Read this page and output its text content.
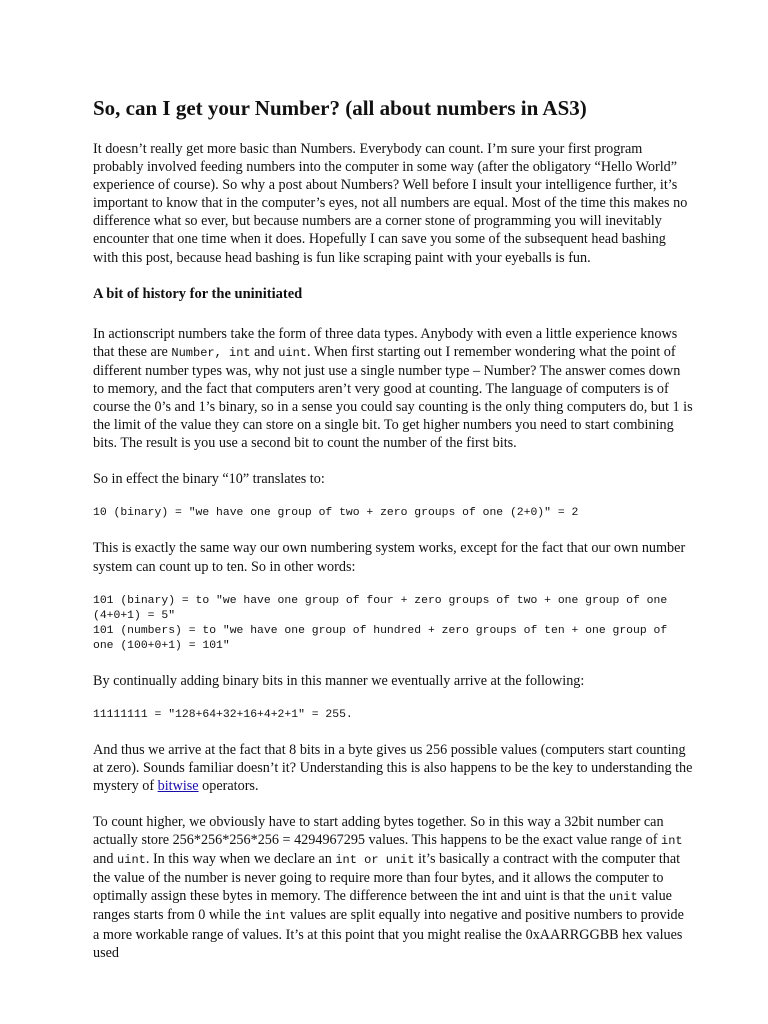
So, can I get your Number? (all about numbers in AS3)

It doesn’t really get more basic than Numbers. Everybody can count. I’m sure your first program probably involved feeding numbers into the computer in some way (after the obligatory “Hello World” experience of course). So why a post about Numbers? Well before I insult your intelligence further, it’s important to know that in the computer’s eyes, not all numbers are equal. Most of the time this makes no difference what so ever, but because numbers are a corner stone of programming you will inevitably encounter that one time when it does. Hopefully I can save you some of the subsequent head bashing with this post, because head bashing is fun like scraping paint with your eyeballs is fun.

A bit of history for the uninitiated

In actionscript numbers take the form of three data types. Anybody with even a little experience knows that these are Number, int and uint. When first starting out I remember wondering what the point of different number types was, why not just use a single number type – Number? The answer comes down to memory, and the fact that computers aren’t very good at counting. The language of computers is of course the 0’s and 1’s binary, so in a sense you could say counting is the only thing computers do, but 1 is the limit of the value they can store on a single bit. To get higher numbers you need to start combining bits. The result is you use a second bit to count the number of the first bits.

So in effect the binary “10” translates to:

10 (binary) = "we have one group of two + zero groups of one (2+0)" = 2

This is exactly the same way our own numbering system works, except for the fact that our own number system can count up to ten. So in other words:

101 (binary) = to "we have one group of four + zero groups of two + one group of one (4+0+1) = 5"
101 (numbers) = to "we have one group of hundred + zero groups of ten + one group of one (100+0+1) = 101"

By continually adding binary bits in this manner we eventually arrive at the following:

11111111 = "128+64+32+16+4+2+1" = 255.

And thus we arrive at the fact that 8 bits in a byte gives us 256 possible values (computers start counting at zero). Sounds familiar doesn’t it? Understanding this is also happens to be the key to understanding the mystery of bitwise operators.

To count higher, we obviously have to start adding bytes together. So in this way a 32bit number can actually store 256*256*256*256 = 4294967295 values. This happens to be the exact value range of int and uint. In this way when we declare an int or unit it’s basically a contract with the computer that the value of the number is never going to require more than four bytes, and it allows the computer to optimally assign these bytes in memory. The difference between the int and uint is that the unit value ranges starts from 0 while the int values are split equally into negative and positive numbers to provide a more workable range of values. It’s at this point that you might realise the 0xAARRGGBB hex values used
